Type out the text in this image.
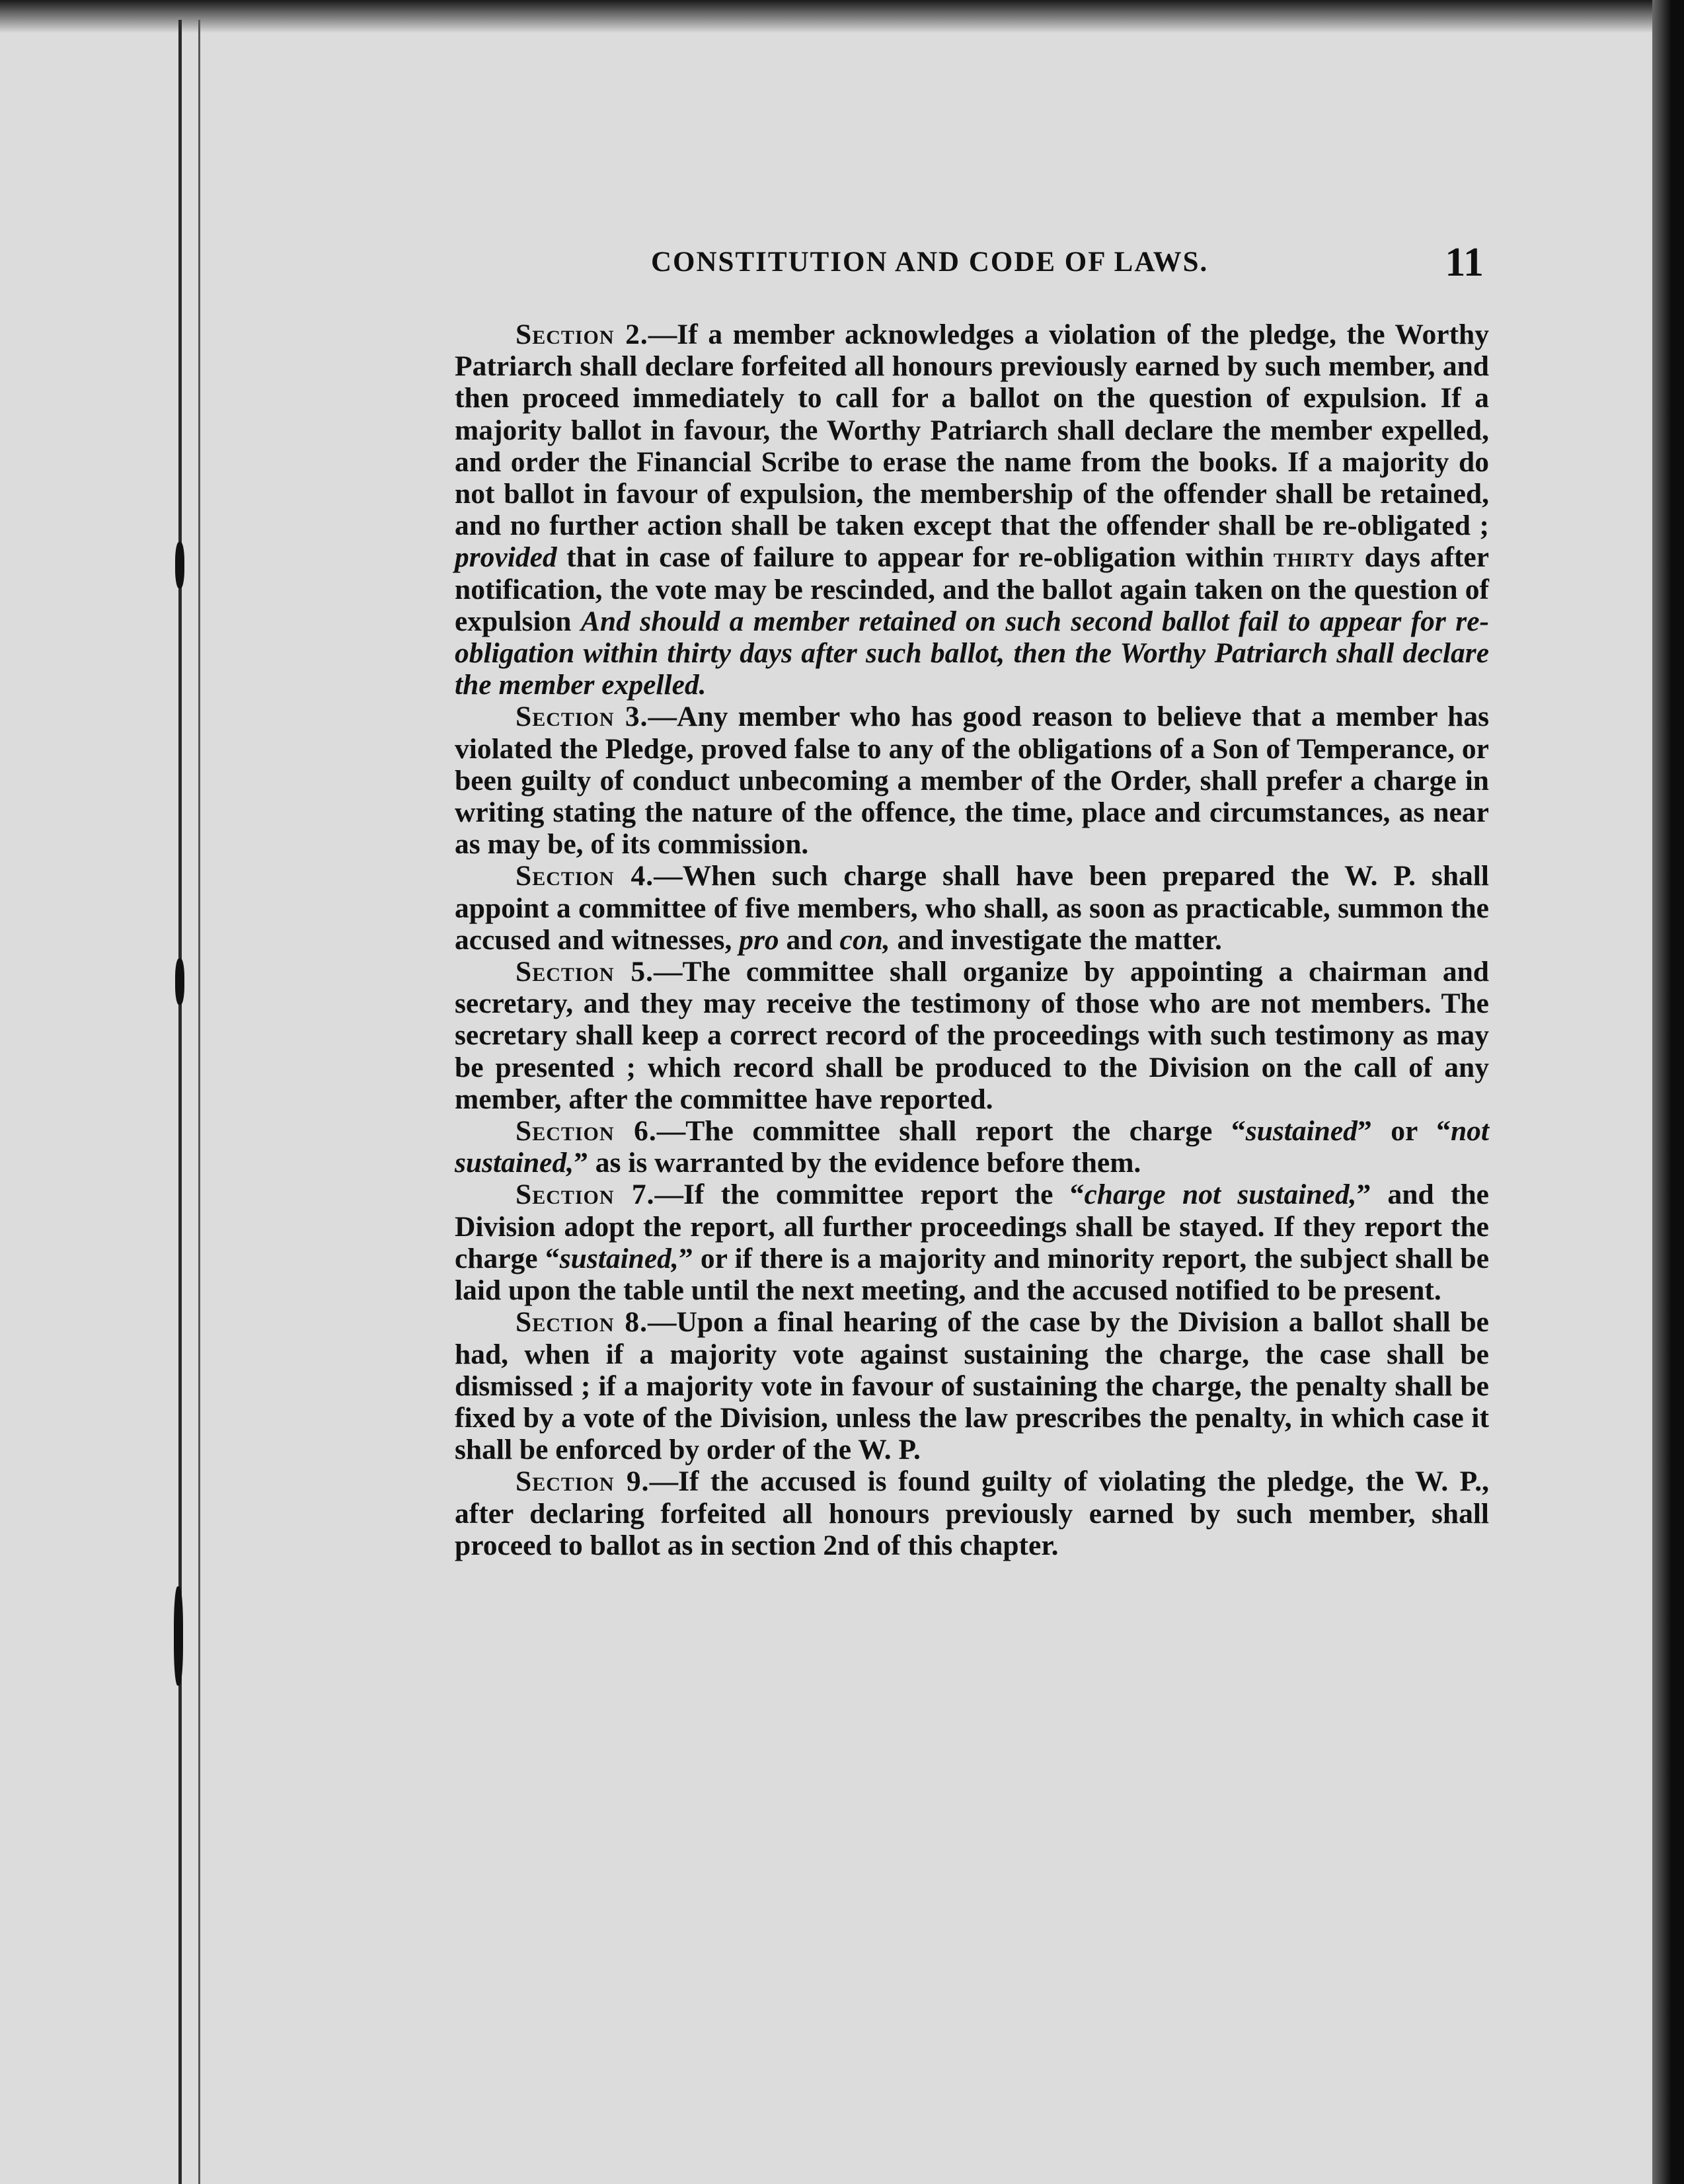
CONSTITUTION AND CODE OF LAWS.	11

Section 2.—If a member acknowledges a violation of the pledge, the Worthy Patriarch shall declare forfeited all honours previously earned by such member, and then proceed immediately to call for a ballot on the question of expulsion. If a majority ballot in favour, the Worthy Patriarch shall declare the member expelled, and order the Financial Scribe to erase the name from the books. If a majority do not ballot in favour of expulsion, the membership of the offender shall be retained, and no further action shall be taken except that the offender shall be re-obligated ; provided that in case of failure to appear for re-obligation within thirty days after notification, the vote may be rescinded, and the ballot again taken on the question of expulsion And should a member retained on such second ballot fail to appear for re-obligation within thirty days after such ballot, then the Worthy Patriarch shall declare the member expelled.

Section 3.—Any member who has good reason to believe that a member has violated the Pledge, proved false to any of the obligations of a Son of Temperance, or been guilty of conduct unbecoming a member of the Order, shall prefer a charge in writing stating the nature of the offence, the time, place and circumstances, as near as may be, of its commission.

Section 4.—When such charge shall have been prepared the W. P. shall appoint a committee of five members, who shall, as soon as practicable, summon the accused and witnesses, pro and con, and investigate the matter.

Section 5.—The committee shall organize by appointing a chairman and secretary, and they may receive the testimony of those who are not members. The secretary shall keep a correct record of the proceedings with such testimony as may be presented ; which record shall be produced to the Division on the call of any member, after the committee have reported.

Section 6.—The committee shall report the charge “sustained” or “not sustained,” as is warranted by the evidence before them.

Section 7.—If the committee report the “charge not sustained,” and the Division adopt the report, all further proceedings shall be stayed. If they report the charge “sustained,” or if there is a majority and minority report, the subject shall be laid upon the table until the next meeting, and the accused notified to be present.

Section 8.—Upon a final hearing of the case by the Division a ballot shall be had, when if a majority vote against sustaining the charge, the case shall be dismissed ; if a majority vote in favour of sustaining the charge, the penalty shall be fixed by a vote of the Division, unless the law prescribes the penalty, in which case it shall be enforced by order of the W. P.

Section 9.—If the accused is found guilty of violating the pledge, the W. P., after declaring forfeited all honours previously earned by such member, shall proceed to ballot as in section 2nd of this chapter.
